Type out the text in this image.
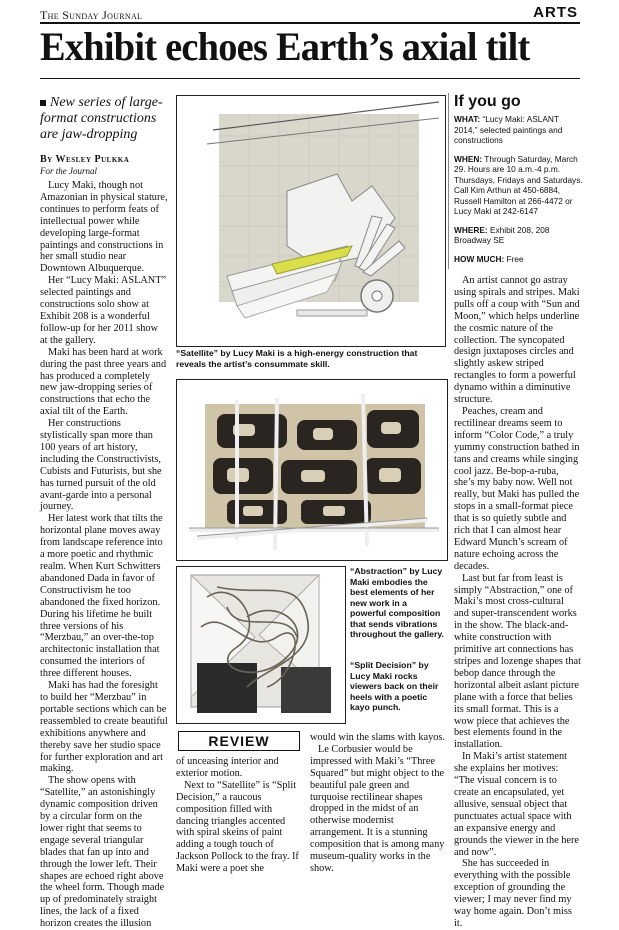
The Sunday Journal	ARTS
Exhibit echoes Earth’s axial tilt
New series of large-format constructions are jaw-dropping
By Wesley Pulkka
For the Journal

Lucy Maki, though not Amazonian in physical stature, continues to perform feats of intellectual power while developing large-format paintings and constructions in her small studio near Downtown Albuquerque.

Her “Lucy Maki: ASLANT” selected paintings and constructions solo show at Exhibit 208 is a wonderful follow-up for her 2011 show at the gallery.

Maki has been hard at work during the past three years and has produced a completely new jaw-dropping series of constructions that echo the axial tilt of the Earth.

Her constructions stylistically span more than 100 years of art history, including the Constructivists, Cubists and Futurists, but she has turned pursuit of the old avant-garde into a personal journey.

Her latest work that tilts the horizontal plane moves away from landscape reference into a more poetic and rhythmic realm. When Kurt Schwitters abandoned Dada in favor of Constructivism he too abandoned the fixed horizon. During his lifetime he built three versions of his “Merzbau,” an over-the-top architectonic installation that consumed the interiors of three different houses.

Maki has had the foresight to build her “Merzbau” in portable sections which can be reassembled to create beautiful exhibitions anywhere and thereby save her studio space for further exploration and art making.

The show opens with “Satellite,” an astonishingly dynamic composition driven by a circular form on the lower right that seems to engage several triangular blades that fan up into and through the lower left. Their shapes are echoed right above the wheel form. Though made up of predominately straight lines, the lack of a fixed horizon creates the illusion

“Satellite” by Lucy Maki is a high-energy construction that reveals the artist’s consummate skill.
“Abstraction” by Lucy Maki embodies the best elements of her new work in a powerful composition that sends vibrations throughout the gallery.
“Split Decision” by Lucy Maki rocks viewers back on their heels with a poetic kayo punch.
REVIEW

of unceasing interior and exterior motion.

Next to “Satellite” is “Split Decision,” a raucous composition filled with dancing triangles accented with spiral skeins of paint adding a tough touch of Jackson Pollock to the fray. If Maki were a poet she

would win the slams with kayos.

Le Corbusier would be impressed with Maki’s “Three Squared” but might object to the beautiful pale green and turquoise rectilinear shapes dropped in the midst of an otherwise modernist arrangement. It is a stunning composition that is among many museum-quality works in the show.

If you go
WHAT: “Lucy Maki: ASLANT 2014,” selected paintings and constructions
WHEN: Through Saturday, March 29. Hours are 10 a.m.-4 p.m. Thursdays, Fridays and Saturdays. Call Kim Arthun at 450-6884, Russell Hamilton at 266-4472 or Lucy Maki at 242-6147
WHERE: Exhibit 208, 208 Broadway SE
HOW MUCH: Free

An artist cannot go astray using spirals and stripes. Maki pulls off a coup with “Sun and Moon,” which helps underline the cosmic nature of the collection. The syncopated design juxtaposes circles and slightly askew striped rectangles to form a powerful dynamo within a diminutive structure.

Peaches, cream and rectilinear dreams seem to inform “Color Code,” a truly yummy construction bathed in tans and creams while singing cool jazz. Be-bop-a-ruba, she’s my baby now. Well not really, but Maki has pulled the stops in a small-format piece that is so quietly subtle and rich that I can almost hear Edward Munch’s scream of nature echoing across the decades.

Last but far from least is simply “Abstraction,” one of Maki’s most cross-cultural and super-transcendent works in the show. The black-and-white construction with primitive art connections has stripes and lozenge shapes that bebop dance through the horizontal albeit aslant picture plane with a force that belies its small format. This is a wow piece that achieves the best elements found in the installation.

In Maki’s artist statement she explains her motives: “The visual concern is to create an encapsulated, yet allusive, sensual object that punctuates actual space with an expansive energy and grounds the viewer in the here and now”.

She has succeeded in everything with the possible exception of grounding the viewer; I may never find my way home again. Don’t miss it.
